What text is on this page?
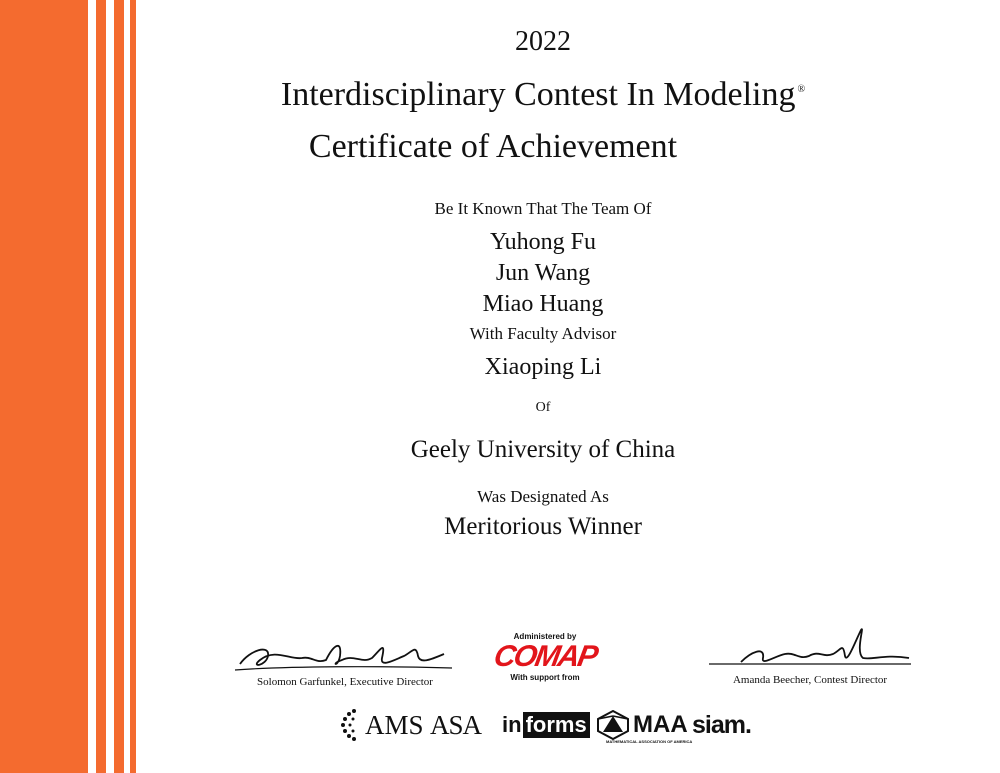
2022
Interdisciplinary Contest In Modeling ®
Certificate of Achievement
Be It Known That The Team Of
Yuhong Fu
Jun Wang
Miao Huang
With Faculty Advisor
Xiaoping Li
Of
Geely University of China
Was Designated As
Meritorious Winner
Solomon Garfunkel, Executive Director
Administered by
COMAP
With support from	Amanda Beecher, Contest Director
AMS ASA in forms MAA
MATHEMATICAL ASSOCIATION OF AMERICA
siam.
